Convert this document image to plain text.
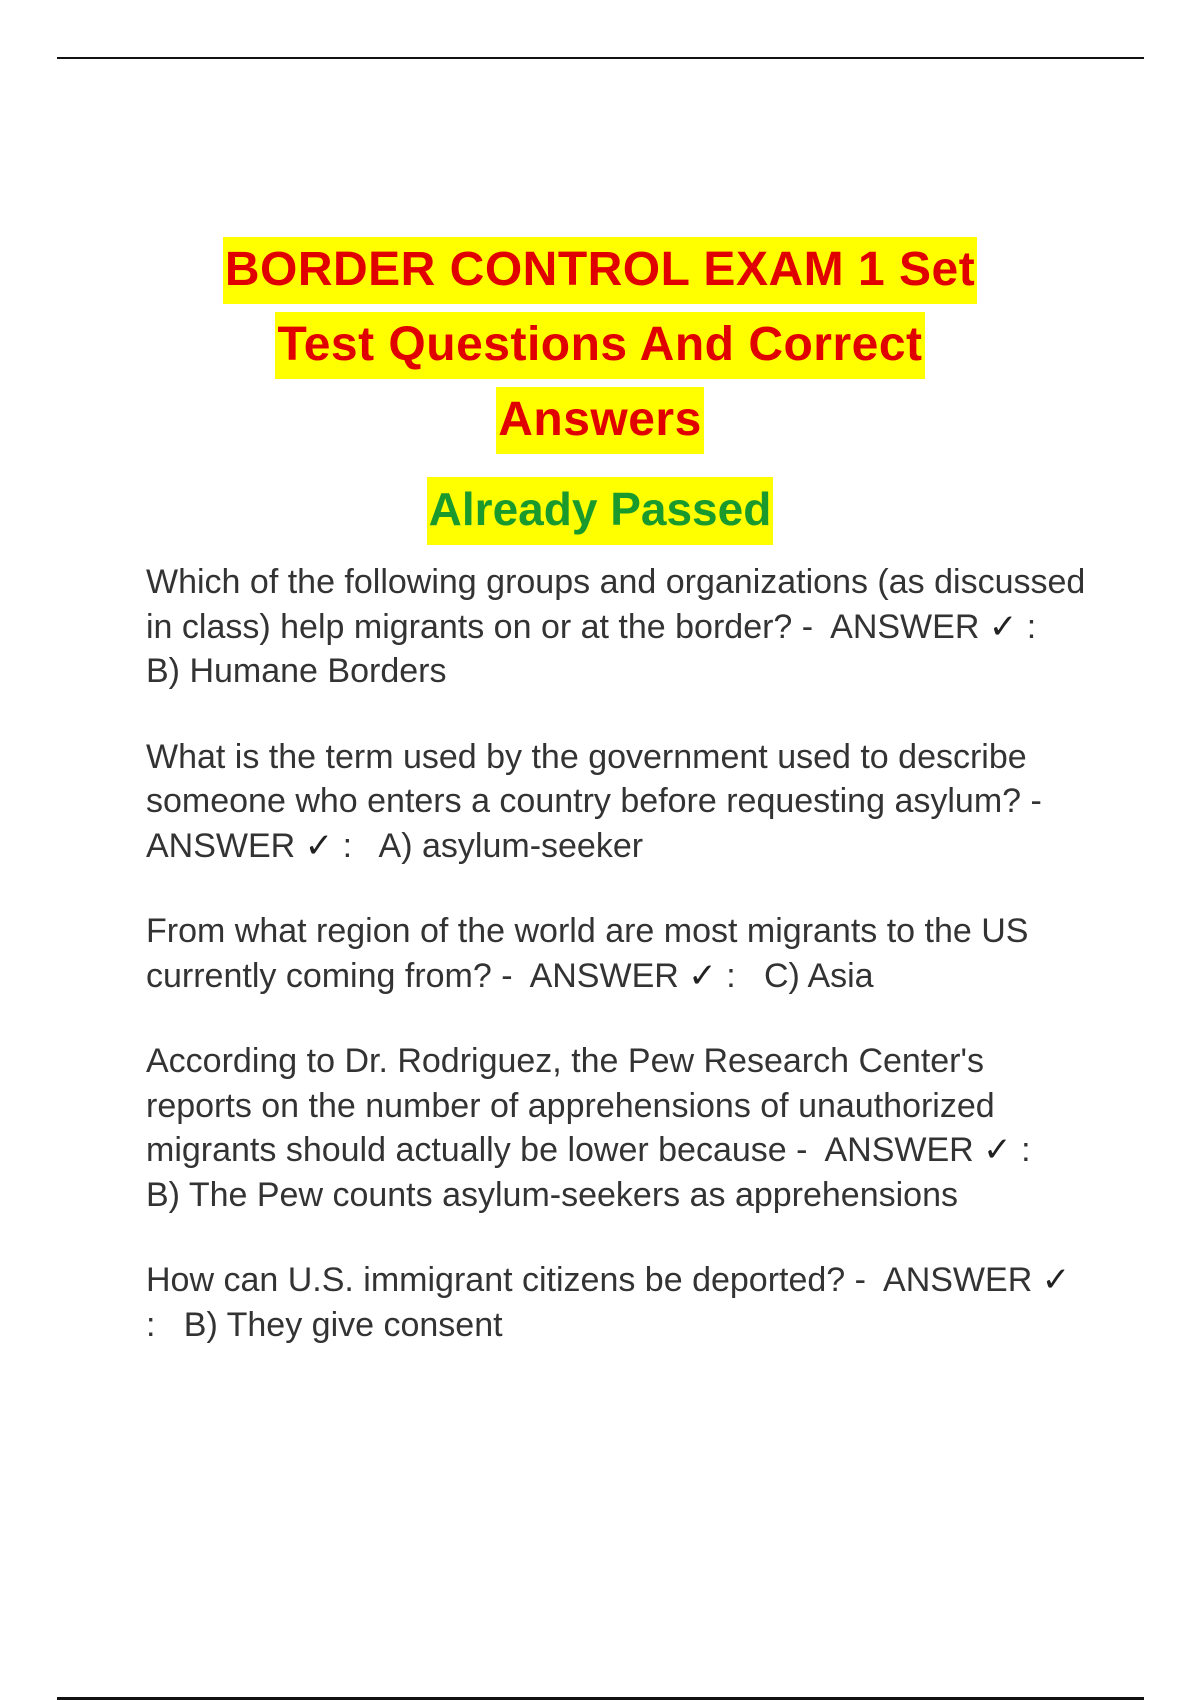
BORDER CONTROL EXAM 1 Set
Test Questions And Correct
Answers
Already Passed

Which of the following groups and organizations (as discussed in class) help migrants on or at the border? -  ANSWER ✓ :   B) Humane Borders

What is the term used by the government used to describe someone who enters a country before requesting asylum? -  ANSWER ✓ :   A) asylum-seeker

From what region of the world are most migrants to the US currently coming from? -  ANSWER ✓ :   C) Asia

According to Dr. Rodriguez, the Pew Research Center's reports on the number of apprehensions of unauthorized migrants should actually be lower because -  ANSWER ✓ :   B) The Pew counts asylum-seekers as apprehensions

How can U.S. immigrant citizens be deported? -  ANSWER ✓ :   B) They give consent
